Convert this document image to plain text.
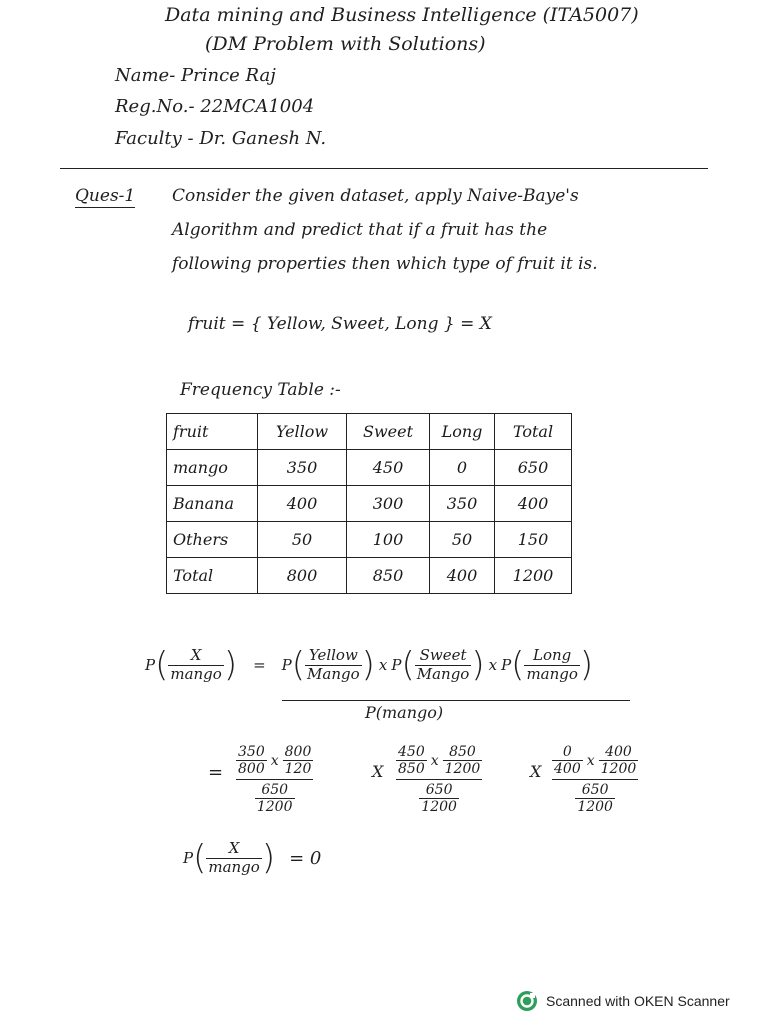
Data mining and Business Intelligence (ITA5007)
(DM Problem with Solutions)
Name- Prince Raj
Reg.No.- 22MCA1004
Faculty - Dr. Ganesh N.
Ques-1 Consider the given dataset, apply Naive-Baye's
Algorithm and predict that if a fruit has the
following properties then which type of fruit it is.
fruit = { Yellow, Sweet, Long } = X
Frequency Table :-
fruit	Yellow	Sweet	Long	Total
mango	350	450	0	650
Banana	400	300	350	400
Others	50	100	50	150
Total	800	850	400	1200
P ( $\frac{X}{\text{mango}}$ )	=	P ( $\frac{\text{Yellow}}{\text{Mango}}$ ) x P ( $\frac{\text{Sweet}}{\text{Mango}}$ ) x P ( $\frac{\text{Long}}{\text{mango}}$ )
P(mango)
= $\frac{350}{800}$ x $\frac{800}{120}$
$\frac{650}{1200}$
X $\frac{450}{850}$ x $\frac{850}{1200}$
$\frac{650}{1200}$
X $\frac{0}{400}$ x $\frac{400}{1200}$
$\frac{650}{1200}$
P ( $\frac{X}{\text{mango}}$ ) = 0
Scanned with OKEN Scanner
